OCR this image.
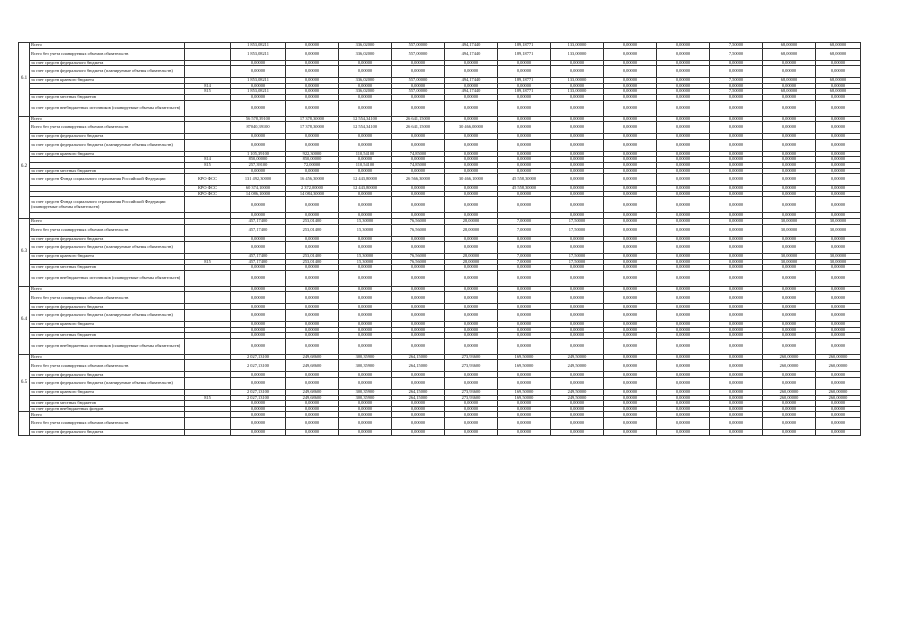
6.1	Всего		1 853,08211	0,00000	336,02000	557,00000	494,17440	189,18771	133,00000	0,00000	0,00000	7,50000	68,00000	68,00000
	Всего без учета планируемых объемов обязательств		1 853,08211	0,00000	336,02000	557,00000	494,17440	189,18771	133,00000	0,00000	0,00000	7,50000	68,00000	68,00000
	за счет средств федерального бюджета		0,00000	0,00000	0,00000	0,00000	0,00000	0,00000	0,00000	0,00000	0,00000	0,00000	0,00000	0,00000
	за счет средств федерального бюджета (планируемые объемы обязательств)		0,00000	0,00000	0,00000	0,00000	0,00000	0,00000	0,00000	0,00000	0,00000	0,00000	0,00000	0,00000
	за счет средств краевого бюджета		1 853,08211	0,00000	336,02000	557,00000	494,17440	189,18771	133,00000	0,00000	0,00000	7,50000	68,00000	68,00000
		814	0,00000	0,00000	0,00000	0,00000	0,00000	0,00000	0,00000	0,00000	0,00000	0,00000	0,00000	0,00000
		815	1 853,08211	0,00000	336,02000	557,00000	494,17440	189,18771	133,00000	0,00000	0,00000	7,50000	68,00000	68,00000
	за счет средств местных бюджетов		0,00000	0,00000	0,00000	0,00000	0,00000	0,00000	0,00000	0,00000	0,00000	0,00000	0,00000	0,00000
	за счет средств внебюджетных источников (планируемые объемы обязательств)		0,00000	0,00000	0,00000	0,00000	0,00000	0,00000	0,00000	0,00000	0,00000	0,00000	0,00000	0,00000
6.2	Всего		56 578,39100	17 378,30000	12 554,34100	26 641,15000	0,00000	0,00000	0,00000	0,00000	0,00000	0,00000	0,00000	0,00000
	Всего без учета планируемых объемов обязательств		87040,39100	17 378,30000	12 554,34100	26 641,15000	30 466,00000	0,00000	0,00000	0,00000	0,00000	0,00000	0,00000	0,00000
	за счет средств федерального бюджета		0,00000	0,00000	0,00000	0,00000	0,00000	0,00000	0,00000	0,00000	0,00000	0,00000	0,00000	0,00000
	за счет средств федерального бюджета (планируемые объемы обязательств)		0,00000	0,00000	0,00000	0,00000	0,00000	0,00000	0,00000	0,00000	0,00000	0,00000	0,00000	0,00000
	за счет средств краевого бюджета		1 105,39100	922,30000	110,54100	74,85000	0,00000	0,00000	0,00000	0,00000	0,00000	0,00000	0,00000	0,00000
		814	850,00000	850,00000	0,00000	0,00000	0,00000	0,00000	0,00000	0,00000	0,00000	0,00000	0,00000	0,00000
		815	257,39100	72,00000	110,54100	74,85000	0,00000	0,00000	0,00000	0,00000	0,00000	0,00000	0,00000	0,00000
	за счет средств местных бюджетов		0,00000	0,00000	0,00000	0,00000	0,00000	0,00000	0,00000	0,00000	0,00000	0,00000	0,00000	0,00000
	за счет средств Фонда социального страхования Российской Федерации	КРО ФСС	131 492,30000	16 456,30000	12 443,80000	26 566,30000	30 466,10000	45 558,30000	0,00000	0,00000	0,00000	0,00000	0,00000	0,00000
		КРО ФСС	60 374,10000	2 372,00000	12 443,80000	0,00000	0,00000	45 558,30000	0,00000	0,00000	0,00000	0,00000	0,00000	0,00000
		КРО ФСС	14 086,10000	14 084,30000	0,00000	0,00000	0,00000	0,00000	0,00000	0,00000	0,00000	0,00000	0,00000	0,00000
	за счет средств Фонда социального страхования Российской Федерации (планируемые объемы обязательств)		0,00000	0,00000	0,00000	0,00000	0,00000	0,00000	0,00000	0,00000	0,00000	0,00000	0,00000	0,00000
			0,00000	0,00000	0,00000	0,00000	0,00000		0,00000	0,00000	0,00000	0,00000	0,00000	0,00000
6.3	Всего		457,17400	253,01400	15,30000	76,56000	28,00000	7,00000	17,50000	0,00000	0,00000	0,00000	30,00000	30,00000
	Всего без учета планируемых объемов обязательств		457,17400	253,01400	15,30000	76,56000	28,00000	7,00000	17,50000	0,00000	0,00000	0,00000	30,00000	30,00000
	за счет средств федерального бюджета		0,00000	0,00000	0,00000	0,00000	0,00000	0,00000	0,00000	0,00000	0,00000	0,00000	0,00000	0,00000
	за счет средств федерального бюджета (планируемые объемы обязательств)		0,00000	0,00000	0,00000	0,00000	0,00000	0,00000	0,00000	0,00000	0,00000	0,00000	0,00000	0,00000
	за счет средств краевого бюджета		457,17400	253,01400	15,30000	76,56000	28,00000	7,00000	17,50000	0,00000	0,00000	0,00000	30,00000	30,00000
		815	457,17400	253,01400	15,30000	76,56000	28,00000	7,00000	17,50000	0,00000	0,00000	0,00000	30,00000	30,00000
	за счет средств местных бюджетов		0,00000	0,00000	0,00000	0,00000	0,00000	0,00000	0,00000	0,00000	0,00000	0,00000	0,00000	0,00000
	за счет средств внебюджетных источников (планируемые объемы обязательств)		0,00000	0,00000	0,00000	0,00000	0,00000	0,00000	0,00000	0,00000	0,00000	0,00000	0,00000	0,00000
6.4	Всего		0,00000	0,00000	0,00000	0,00000	0,00000	0,00000	0,00000	0,00000	0,00000	0,00000	0,00000	0,00000
	Всего без учета планируемых объемов обязательств		0,00000	0,00000	0,00000	0,00000	0,00000	0,00000	0,00000	0,00000	0,00000	0,00000	0,00000	0,00000
	за счет средств федерального бюджета		0,00000	0,00000	0,00000	0,00000	0,00000	0,00000	0,00000	0,00000	0,00000	0,00000	0,00000	0,00000
	за счет средств федерального бюджета (планируемые объемы обязательств)		0,00000	0,00000	0,00000	0,00000	0,00000	0,00000	0,00000	0,00000	0,00000	0,00000	0,00000	0,00000
	за счет средств краевого бюджета		0,00000	0,00000	0,00000	0,00000	0,00000	0,00000	0,00000	0,00000	0,00000	0,00000	0,00000	0,00000
			0,00000	0,00000	0,00000	0,00000	0,00000	0,00000	0,00000	0,00000	0,00000	0,00000	0,00000	0,00000
	за счет средств местных бюджетов		0,00000	0,00000	0,00000	0,00000	0,00000	0,00000	0,00000	0,00000	0,00000	0,00000	0,00000	0,00000
	за счет средств внебюджетных источников (планируемые объемы обязательств)		0,00000	0,00000	0,00000	0,00000	0,00000	0,00000	0,00000	0,00000	0,00000	0,00000	0,00000	0,00000
6.5	Всего		2 027,13100	249,68600	300,35900	264,15000	273,93600	169,50000	249,50000	0,00000	0,00000	0,00000	260,00000	260,00000
	Всего без учета планируемых объемов обязательств		2 027,13100	249,68600	300,35900	264,15000	273,93600	169,50000	249,50000	0,00000	0,00000	0,00000	260,00000	260,00000
	за счет средств федерального бюджета		0,00000	0,00000	0,00000	0,00000	0,00000	0,00000	0,00000	0,00000	0,00000	0,00000	0,00000	0,00000
	за счет средств федерального бюджета (планируемые объемы обязательств)		0,00000	0,00000	0,00000	0,00000	0,00000	0,00000	0,00000	0,00000	0,00000	0,00000	0,00000	0,00000
	за счет средств краевого бюджета		2 027,13100	249,68600	300,35900	264,15000	273,93600	169,50000	249,50000	0,00000	0,00000	0,00000	260,00000	260,00000
		815	2 027,13100	249,68600	300,35900	264,15000	273,93600	169,50000	249,50000	0,00000	0,00000	0,00000	260,00000	260,00000
	за счет средств местных бюджетов		0,00000	0,00000	0,00000	0,00000	0,00000	0,00000	0,00000	0,00000	0,00000	0,00000	0,00000	0,00000
	за счет средств внебюджетных фондов		0,00000	0,00000	0,00000	0,00000	0,00000	0,00000	0,00000	0,00000	0,00000	0,00000	0,00000	0,00000
	Всего		0,00000	0,00000	0,00000	0,00000	0,00000	0,00000	0,00000	0,00000	0,00000	0,00000	0,00000	0,00000
	Всего без учета планируемых объемов обязательств		0,00000	0,00000	0,00000	0,00000	0,00000	0,00000	0,00000	0,00000	0,00000	0,00000	0,00000	0,00000
	за счет средств федерального бюджета		0,00000	0,00000	0,00000	0,00000	0,00000	0,00000	0,00000	0,00000	0,00000	0,00000	0,00000	0,00000
